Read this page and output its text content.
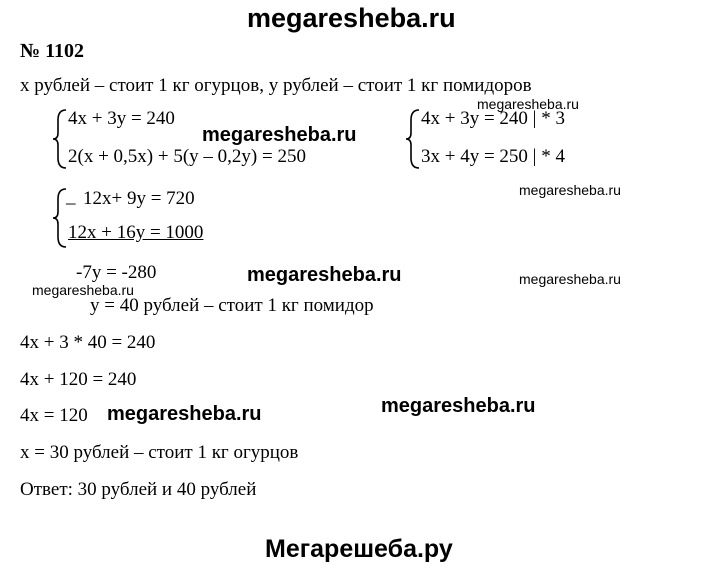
megaresheba.ru
№ 1102
x рублей – стоит 1 кг огурцов, y рублей – стоит 1 кг помидоров
megaresheba.ru
4x + 3y = 240
2(x + 0,5x) + 5(y – 0,2y) = 250
megaresheba.ru
4x + 3y = 240 | * 3
3x + 4y = 250 | * 4
megaresheba.ru
_ 12x+ 9y = 720
12x + 16y = 1000
-7y = -280	megaresheba.ru	megaresheba.ru
megaresheba.ru
y = 40 рублей – стоит 1 кг помидор
4x + 3 * 40 = 240
4x + 120 = 240
4x = 120 megaresheba.ru	megaresheba.ru
x = 30 рублей – стоит 1 кг огурцов
Ответ: 30 рублей и 40 рублей
Мегарешеба.ру
